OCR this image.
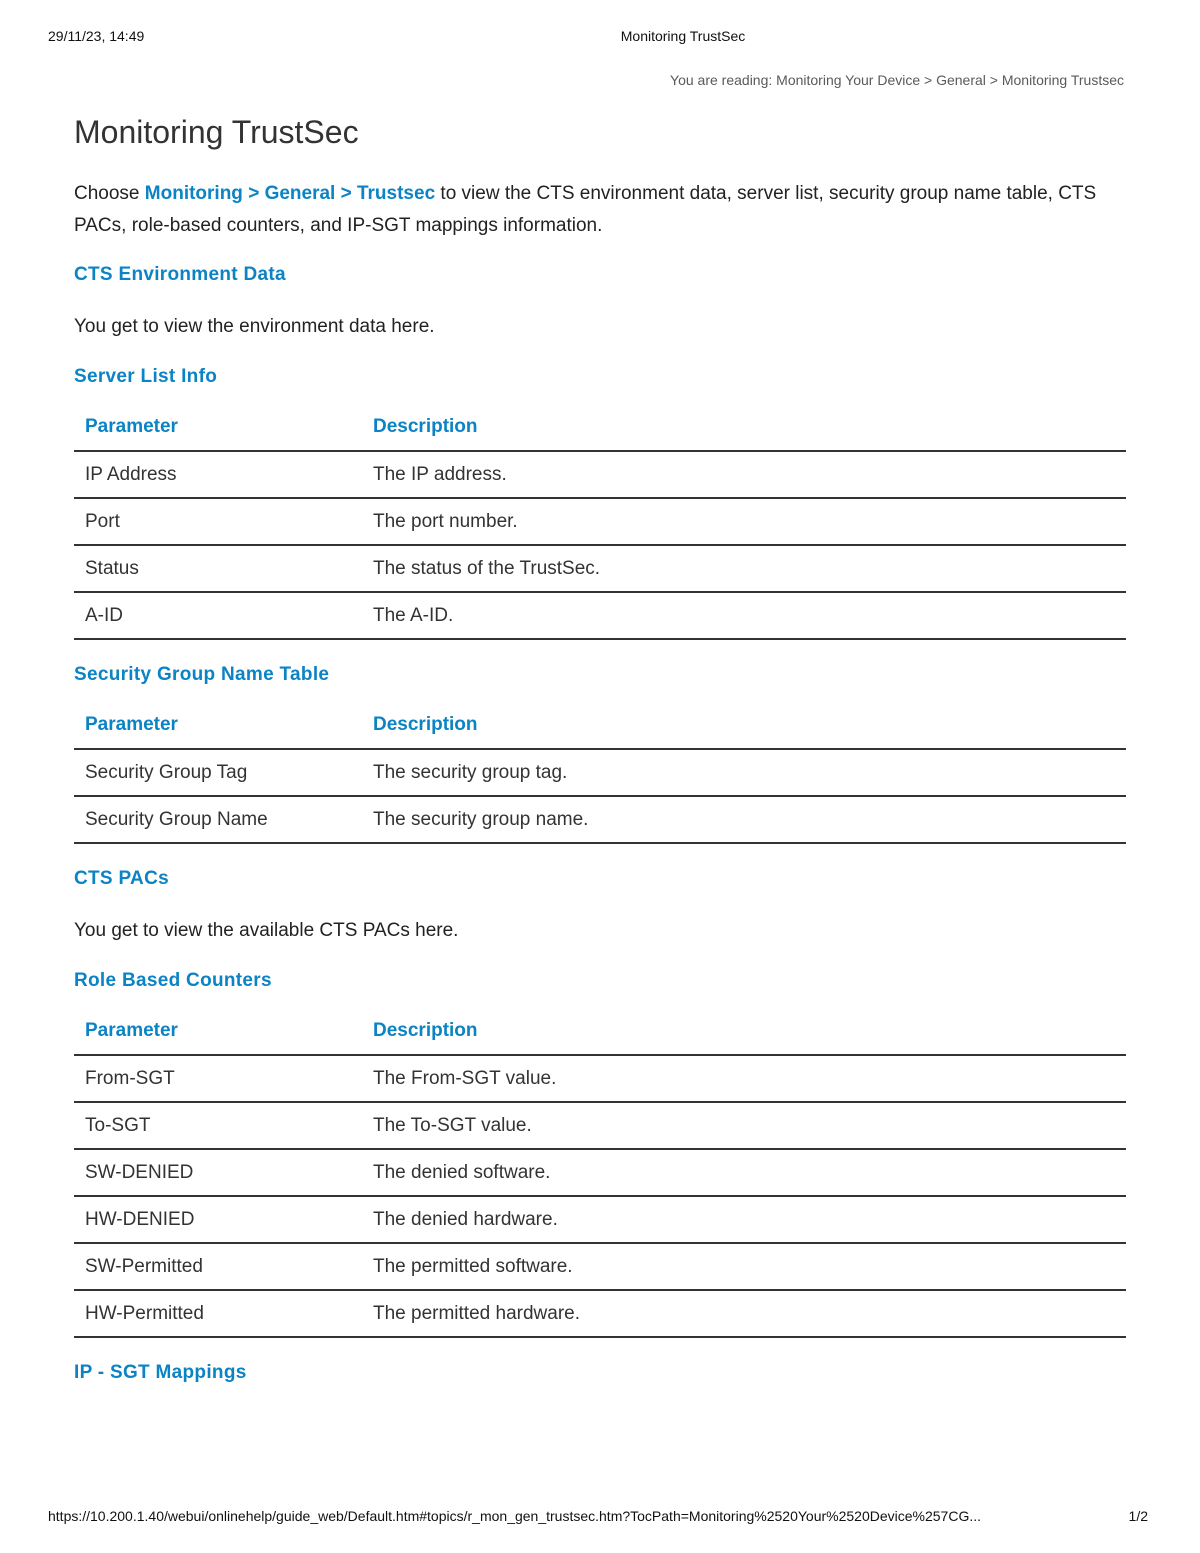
29/11/23, 14:49	Monitoring TrustSec
You are reading: Monitoring Your Device > General > Monitoring Trustsec
Monitoring TrustSec

Choose Monitoring > General > Trustsec to view the CTS environment data, server list, security group name table, CTS PACs, role-based counters, and IP-SGT mappings information.

CTS Environment Data

You get to view the environment data here.

Server List Info
Parameter	Description
IP Address	The IP address.
Port	The port number.
Status	The status of the TrustSec.
A-ID	The A-ID.
Security Group Name Table
Parameter	Description
Security Group Tag	The security group tag.
Security Group Name	The security group name.
CTS PACs

You get to view the available CTS PACs here.

Role Based Counters
Parameter	Description
From-SGT	The From-SGT value.
To-SGT	The To-SGT value.
SW-DENIED	The denied software.
HW-DENIED	The denied hardware.
SW-Permitted	The permitted software.
HW-Permitted	The permitted hardware.
IP - SGT Mappings
https://10.200.1.40/webui/onlinehelp/guide_web/Default.htm#topics/r_mon_gen_trustsec.htm?TocPath=Monitoring%2520Your%2520Device%257CG...	1/2
